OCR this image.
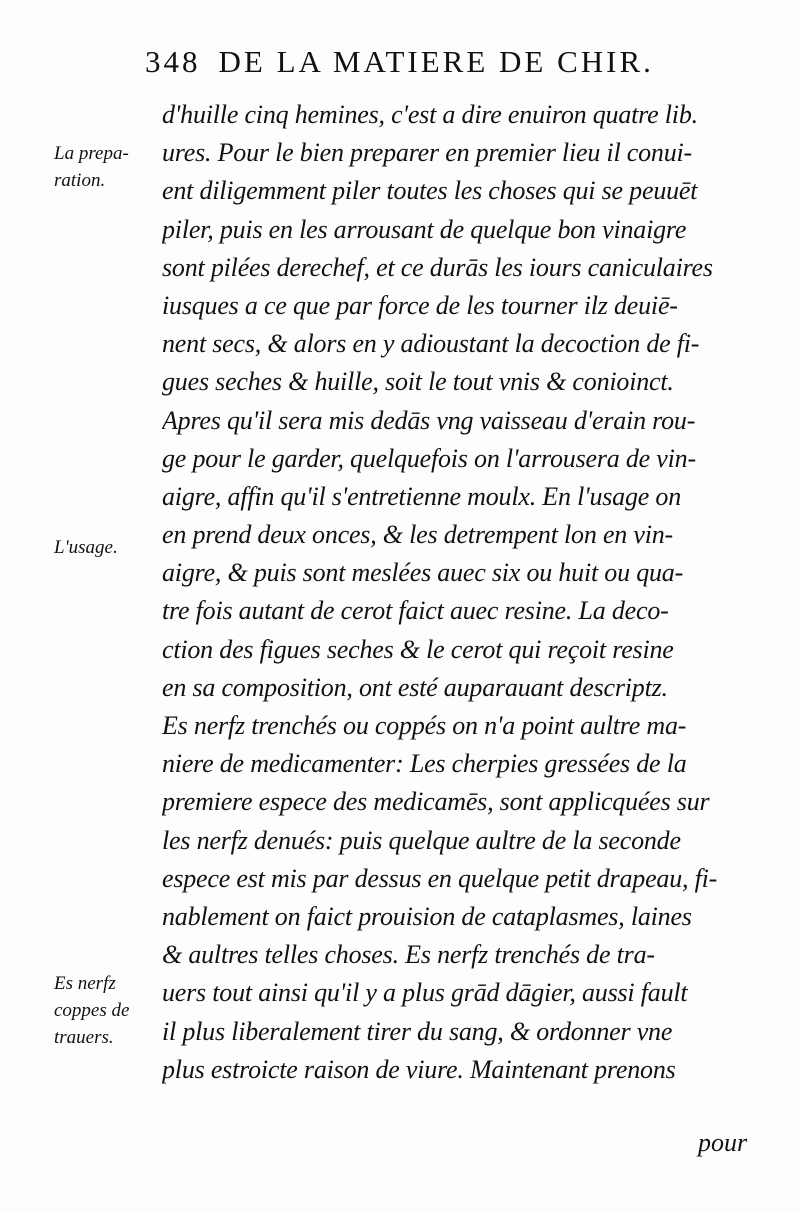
348 DE LA MATIERE DE CHIR.
La prepa-
ration.
L'usage.
Es nerfz
coppes de
trauers.
d'huille cinq hemines, c'est a dire enuiron quatre lib.
ures. Pour le bien preparer en premier lieu il conui-
ent diligemment piler toutes les choses qui se peuuēt
piler, puis en les arrousant de quelque bon vinaigre
sont pilées derechef, et ce durās les iours caniculaires
iusques a ce que par force de les tourner ilz deuiē-
nent secs, & alors en y adioustant la decoction de fi-
gues seches & huille, soit le tout vnis & conioinct.
Apres qu'il sera mis dedās vng vaisseau d'erain rou-
ge pour le garder, quelquefois on l'arrousera de vin-
aigre, affin qu'il s'entretienne moulx. En l'usage on
en prend deux onces, & les detrempent lon en vin-
aigre, & puis sont meslées auec six ou huit ou qua-
tre fois autant de cerot faict auec resine. La deco-
ction des figues seches & le cerot qui reçoit resine
en sa composition, ont esté auparauant descriptz.
Es nerfz trenchés ou coppés on n'a point aultre ma-
niere de medicamenter: Les cherpies gressées de la
premiere espece des medicamēs, sont applicquées sur
les nerfz denués: puis quelque aultre de la seconde
espece est mis par dessus en quelque petit drapeau, fi-
nablement on faict prouision de cataplasmes, laines
& aultres telles choses. Es nerfz trenchés de tra-
uers tout ainsi qu'il y a plus grād dāgier, aussi fault
il plus liberalement tirer du sang, & ordonner vne
plus estroicte raison de viure. Maintenant prenons
pour
